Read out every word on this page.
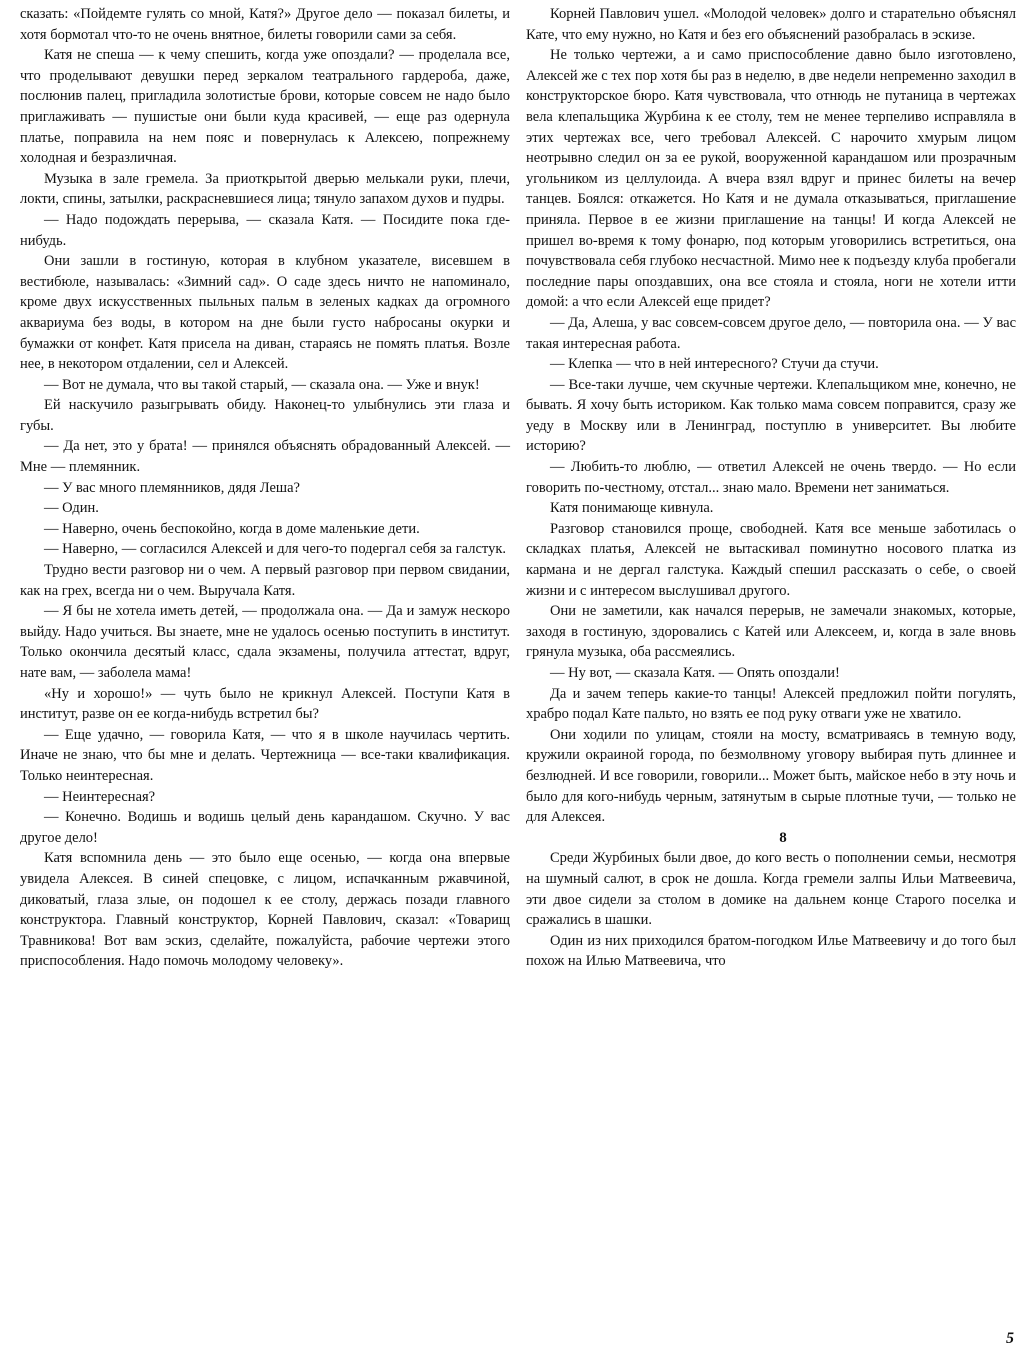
сказать: «Пойдемте гулять со мной, Катя?» Другое дело — показал билеты, и хотя бормотал что-то не очень внятное, билеты говорили сами за себя.

Катя не спеша — к чему спешить, когда уже опоздали? — проделала все, что проделывают девушки перед зеркалом театрального гардероба, даже, послюнив палец, пригладила золотистые брови, которые совсем не надо было приглаживать — пушистые они были куда красивей, — еще раз одернула платье, поправила на нем пояс и повернулась к Алексею, попрежнему холодная и безразличная.

Музыка в зале гремела. За приоткрытой дверью мелькали руки, плечи, локти, спины, затылки, раскрасневшиеся лица; тянуло запахом духов и пудры.

— Надо подождать перерыва, — сказала Катя. — Посидите пока где-нибудь.

Они зашли в гостиную, которая в клубном указателе, висевшем в вестибюле, называлась: «Зимний сад». О саде здесь ничто не напоминало, кроме двух искусственных пыльных пальм в зеленых кадках да огромного аквариума без воды, в котором на дне были густо набросаны окурки и бумажки от конфет. Катя присела на диван, стараясь не помять платья. Возле нее, в некотором отдалении, сел и Алексей.

— Вот не думала, что вы такой старый, — сказала она. — Уже и внук!

Ей наскучило разыгрывать обиду. Наконец-то улыбнулись эти глаза и губы.

— Да нет, это у брата! — принялся объяснять обрадованный Алексей. — Мне — племянник.

— У вас много племянников, дядя Леша?

— Один.

— Наверно, очень беспокойно, когда в доме маленькие дети.

— Наверно, — согласился Алексей и для чего-то подергал себя за галстук.

Трудно вести разговор ни о чем. А первый разговор при первом свидании, как на грех, всегда ни о чем. Выручала Катя.

— Я бы не хотела иметь детей, — продолжала она. — Да и замуж нескоро выйду. Надо учиться. Вы знаете, мне не удалось осенью поступить в институт. Только окончила десятый класс, сдала экзамены, получила аттестат, вдруг, нате вам, — заболела мама!

«Ну и хорошо!» — чуть было не крикнул Алексей. Поступи Катя в институт, разве он ее когда-нибудь встретил бы?

— Еще удачно, — говорила Катя, — что я в школе научилась чертить. Иначе не знаю, что бы мне и делать. Чертежница — все-таки квалификация. Только неинтересная.

— Неинтересная?

— Конечно. Водишь и водишь целый день карандашом. Скучно. У вас другое дело!

Катя вспомнила день — это было еще осенью, — когда она впервые увидела Алексея. В синей спецовке, с лицом, испачканным ржавчиной, диковатый, глаза злые, он подошел к ее столу, держась позади главного конструктора. Главный конструктор, Корней Павлович, сказал: «Товарищ Травникова! Вот вам эскиз, сделайте, пожалуйста, рабочие чертежи этого приспособления. Надо помочь молодому человеку».

Корней Павлович ушел. «Молодой человек» долго и старательно объяснял Кате, что ему нужно, но Катя и без его объяснений разобралась в эскизе.

Не только чертежи, а и само приспособление давно было изготовлено, Алексей же с тех пор хотя бы раз в неделю, в две недели непременно заходил в конструкторское бюро. Катя чувствовала, что отнюдь не путаница в чертежах вела клепальщика Журбина к ее столу, тем не менее терпеливо исправляла в этих чертежах все, чего требовал Алексей. С нарочито хмурым лицом неотрывно следил он за ее рукой, вооруженной карандашом или прозрачным угольником из целлулоида. А вчера взял вдруг и принес билеты на вечер танцев. Боялся: откажется. Но Катя и не думала отказываться, приглашение приняла. Первое в ее жизни приглашение на танцы! И когда Алексей не пришел во-время к тому фонарю, под которым уговорились встретиться, она почувствовала себя глубоко несчастной. Мимо нее к подъезду клуба пробегали последние пары опоздавших, она все стояла и стояла, ноги не хотели итти домой: а что если Алексей еще придет?

— Да, Алеша, у вас совсем-совсем другое дело, — повторила она. — У вас такая интересная работа.

— Клепка — что в ней интересного? Стучи да стучи.

— Все-таки лучше, чем скучные чертежи. Клепальщиком мне, конечно, не бывать. Я хочу быть историком. Как только мама совсем поправится, сразу же уеду в Москву или в Ленинград, поступлю в университет. Вы любите историю?

— Любить-то люблю, — ответил Алексей не очень твердо. — Но если говорить по-честному, отстал... знаю мало. Времени нет заниматься.

Катя понимающе кивнула.

Разговор становился проще, свободней. Катя все меньше заботилась о складках платья, Алексей не вытаскивал поминутно носового платка из кармана и не дергал галстука. Каждый спешил рассказать о себе, о своей жизни и с интересом выслушивал другого.

Они не заметили, как начался перерыв, не замечали знакомых, которые, заходя в гостиную, здоровались с Катей или Алексеем, и, когда в зале вновь грянула музыка, оба рассмеялись.

— Ну вот, — сказала Катя. — Опять опоздали!

Да и зачем теперь какие-то танцы! Алексей предложил пойти погулять, храбро подал Кате пальто, но взять ее под руку отваги уже не хватило.

Они ходили по улицам, стояли на мосту, всматриваясь в темную воду, кружили окраиной города, по безмолвному уговору выбирая путь длиннее и безлюдней. И все говорили, говорили... Может быть, майское небо в эту ночь и было для кого-нибудь черным, затянутым в сырые плотные тучи, — только не для Алексея.

8

Среди Журбиных были двое, до кого весть о пополнении семьи, несмотря на шумный салют, в срок не дошла. Когда гремели залпы Ильи Матвеевича, эти двое сидели за столом в домике на дальнем конце Старого поселка и сражались в шашки.

Один из них приходился братом-погодком Илье Матвеевичу и до того был похож на Илью Матвеевича, что

5
